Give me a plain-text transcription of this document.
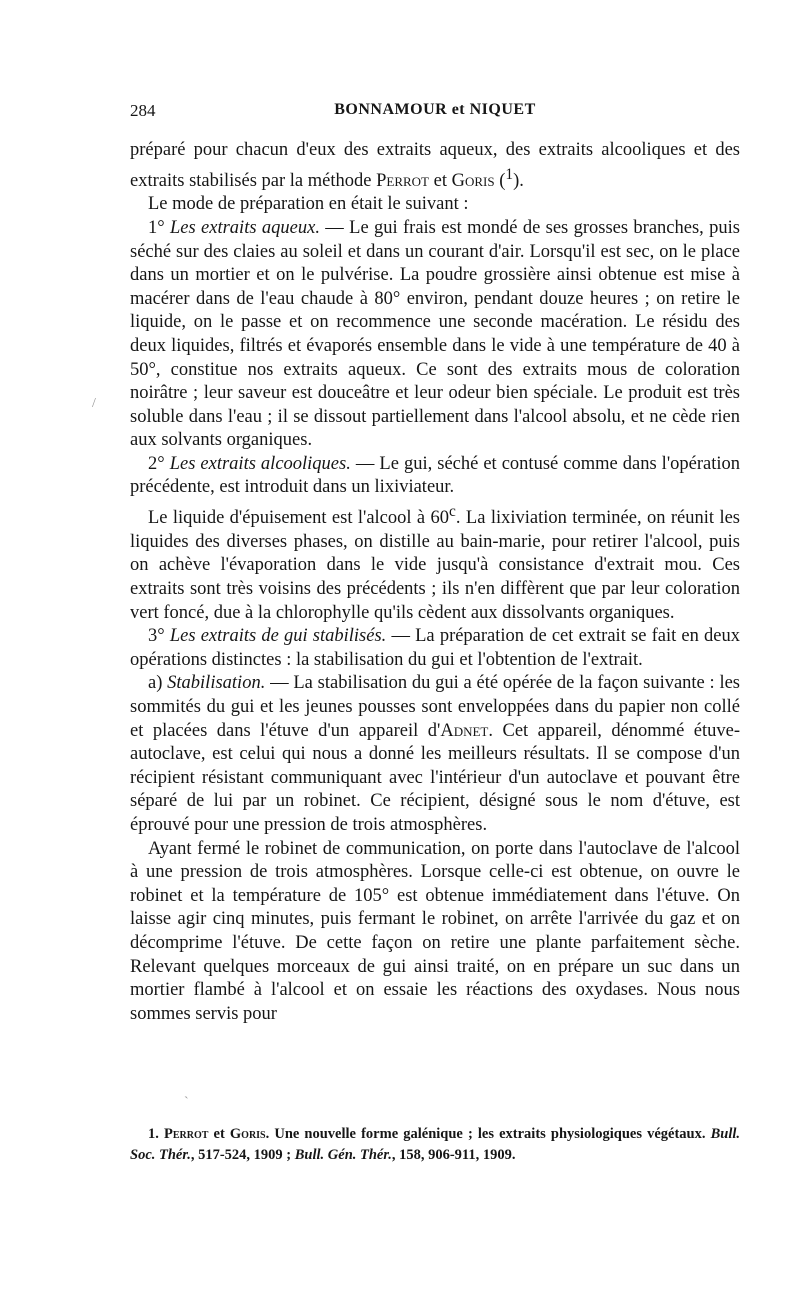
284	BONNAMOUR et NIQUET
/
`

préparé pour chacun d'eux des extraits aqueux, des extraits alcooliques et des extraits stabilisés par la méthode Perrot et Goris ($^1$).

Le mode de préparation en était le suivant :

1° Les extraits aqueux. — Le gui frais est mondé de ses grosses branches, puis séché sur des claies au soleil et dans un courant d'air. Lorsqu'il est sec, on le place dans un mortier et on le pulvérise. La poudre grossière ainsi obtenue est mise à macérer dans de l'eau chaude à 80° environ, pendant douze heures ; on retire le liquide, on le passe et on recommence une seconde macération. Le résidu des deux liquides, filtrés et évaporés ensemble dans le vide à une température de 40 à 50°, constitue nos extraits aqueux. Ce sont des extraits mous de coloration noirâtre ; leur saveur est douceâtre et leur odeur bien spéciale. Le produit est très soluble dans l'eau ; il se dissout partiellement dans l'alcool absolu, et ne cède rien aux solvants organiques.

2° Les extraits alcooliques. — Le gui, séché et contusé comme dans l'opération précédente, est introduit dans un lixiviateur.

Le liquide d'épuisement est l'alcool à 60$^c$. La lixiviation terminée, on réunit les liquides des diverses phases, on distille au bain-marie, pour retirer l'alcool, puis on achève l'évaporation dans le vide jusqu'à consistance d'extrait mou. Ces extraits sont très voisins des précédents ; ils n'en diffèrent que par leur coloration vert foncé, due à la chlorophylle qu'ils cèdent aux dissolvants organiques.

3° Les extraits de gui stabilisés. — La préparation de cet extrait se fait en deux opérations distinctes : la stabilisation du gui et l'obtention de l'extrait.

a) Stabilisation. — La stabilisation du gui a été opérée de la façon suivante : les sommités du gui et les jeunes pousses sont enveloppées dans du papier non collé et placées dans l'étuve d'un appareil d'Adnet. Cet appareil, dénommé étuve-autoclave, est celui qui nous a donné les meilleurs résultats. Il se compose d'un récipient résistant communiquant avec l'intérieur d'un autoclave et pouvant être séparé de lui par un robinet. Ce récipient, désigné sous le nom d'étuve, est éprouvé pour une pression de trois atmosphères.

Ayant fermé le robinet de communication, on porte dans l'autoclave de l'alcool à une pression de trois atmosphères. Lorsque celle-ci est obtenue, on ouvre le robinet et la température de 105° est obtenue immédiatement dans l'étuve. On laisse agir cinq minutes, puis fermant le robinet, on arrête l'arrivée du gaz et on décomprime l'étuve. De cette façon on retire une plante parfaitement sèche. Relevant quelques morceaux de gui ainsi traité, on en prépare un suc dans un mortier flambé à l'alcool et on essaie les réactions des oxydases. Nous nous sommes servis pour

1. Perrot et Goris. Une nouvelle forme galénique ; les extraits physiologiques végétaux. Bull. Soc. Thér., 517-524, 1909 ; Bull. Gén. Thér., 158, 906-911, 1909.
